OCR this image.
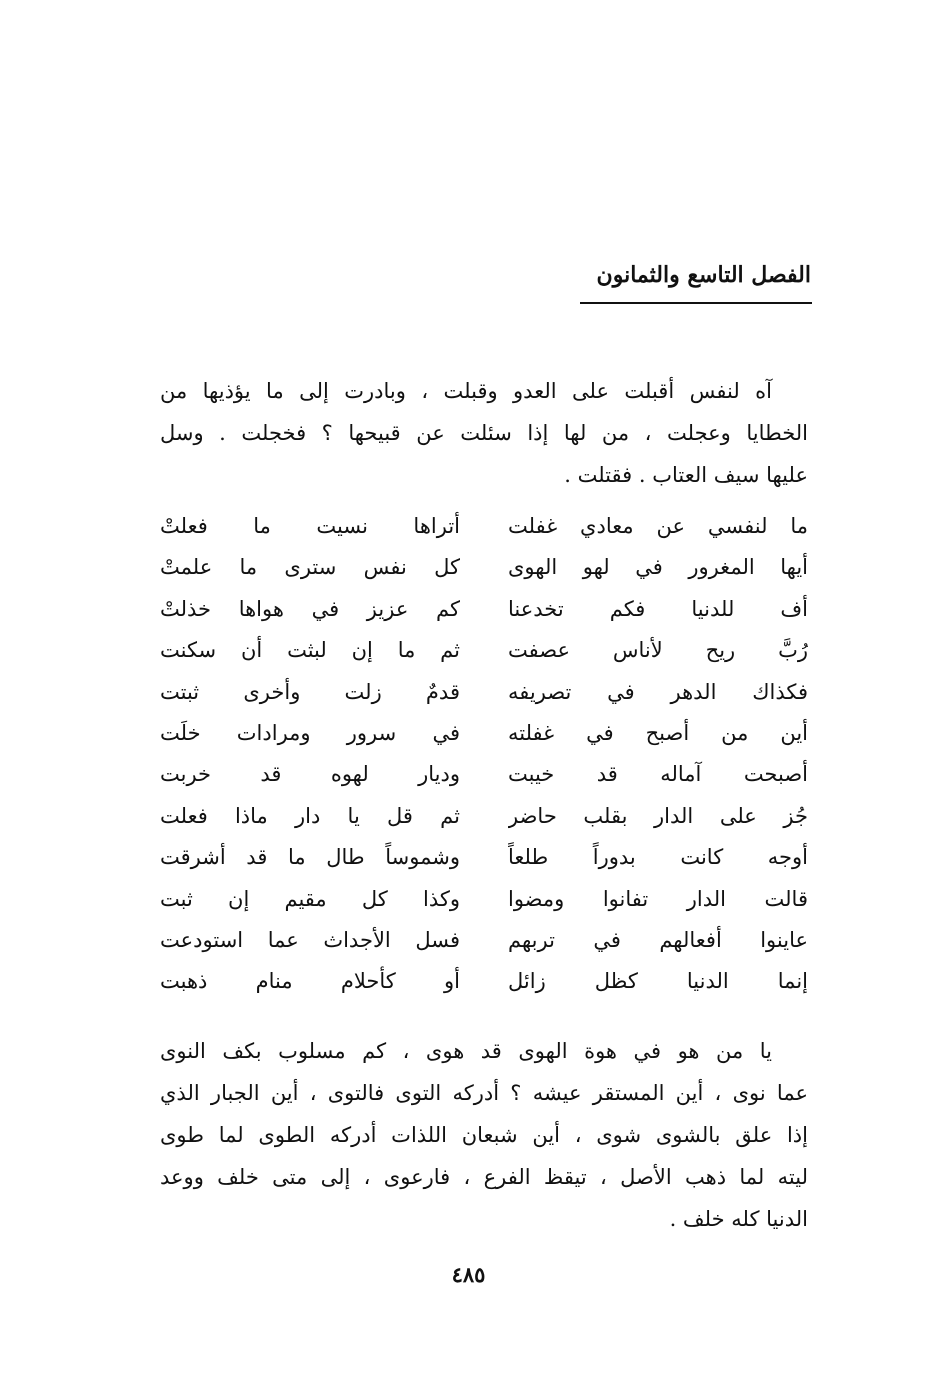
الفصل التاسع والثمانون
آه لنفس أقبلت على العدو وقبلت ، وبادرت إلى ما يؤذيها من
الخطايا وعجلت ، من لها إذا سئلت عن قبيحها ؟ فخجلت . وسل
عليها سيف العتاب . فقتلت .
ما لنفسي عن معادي غفلت
أتراها نسيت ما فعلتْ
أيها المغرور في لهو الهوى
كل نفس سترى ما علمتْ
أف للدنيا فكم تخدعنا
كم عزيز في هواها خذلتْ
رُبَّ ريح لأناس عصفت
ثم ما إن لبثت أن سكنت
فكذاك الدهر في تصريفه
قدمٌ زلت وأخرى ثبتت
أين من أصبح في غفلته
في سرور ومرادات خلَت
أصبحت آماله قد خيبت
وديار لهوه قد خربت
جُز على الدار بقلب حاضر
ثم قل يا دار ماذا فعلت
أوجه كانت بدوراً طلعاً
وشموساً طال ما قد أشرقت
قالت الدار تفانوا ومضوا
وكذا كل مقيم إن ثبت
عاينوا أفعالهم في تربهم
فسل الأجداث عما استودعت
إنما الدنيا كظل زائل
أو كأحلام منام ذهبت
يا من هو في هوة الهوى قد هوى ، كم مسلوب بكف النوى
عما نوى ، أين المستقر عيشه ؟ أدركه التوى فالتوى ، أين الجبار الذي
إذا علق بالشوى شوى ، أين شبعان اللذات أدركه الطوى لما طوى
ليته لما ذهب الأصل ، تيقظ الفرع ، فارعوى ، إلى متى خلف ووعد
الدنيا كله خلف .
٤٨٥
